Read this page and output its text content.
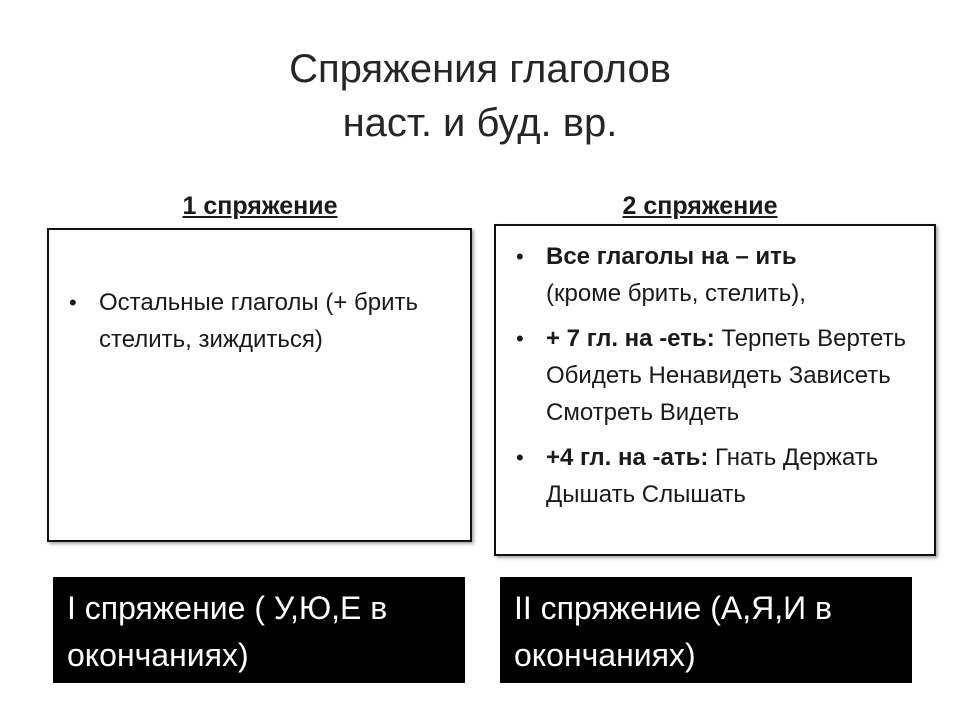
Спряжения глаголов
наст. и буд. вр.
1 спряжение	2 спряжение
• Остальные глаголы (+ брить стелить, зиждиться)
• Все глаголы на – ить
(кроме брить, стелить),
• + 7 гл. на -еть: Терпеть Вертеть Обидеть Ненавидеть Зависеть Смотреть Видеть
• +4 гл. на -ать: Гнать Держать Дышать Слышать
I спряжение ( У,Ю,Е в окончаниях)
II спряжение (А,Я,И в окончаниях)
